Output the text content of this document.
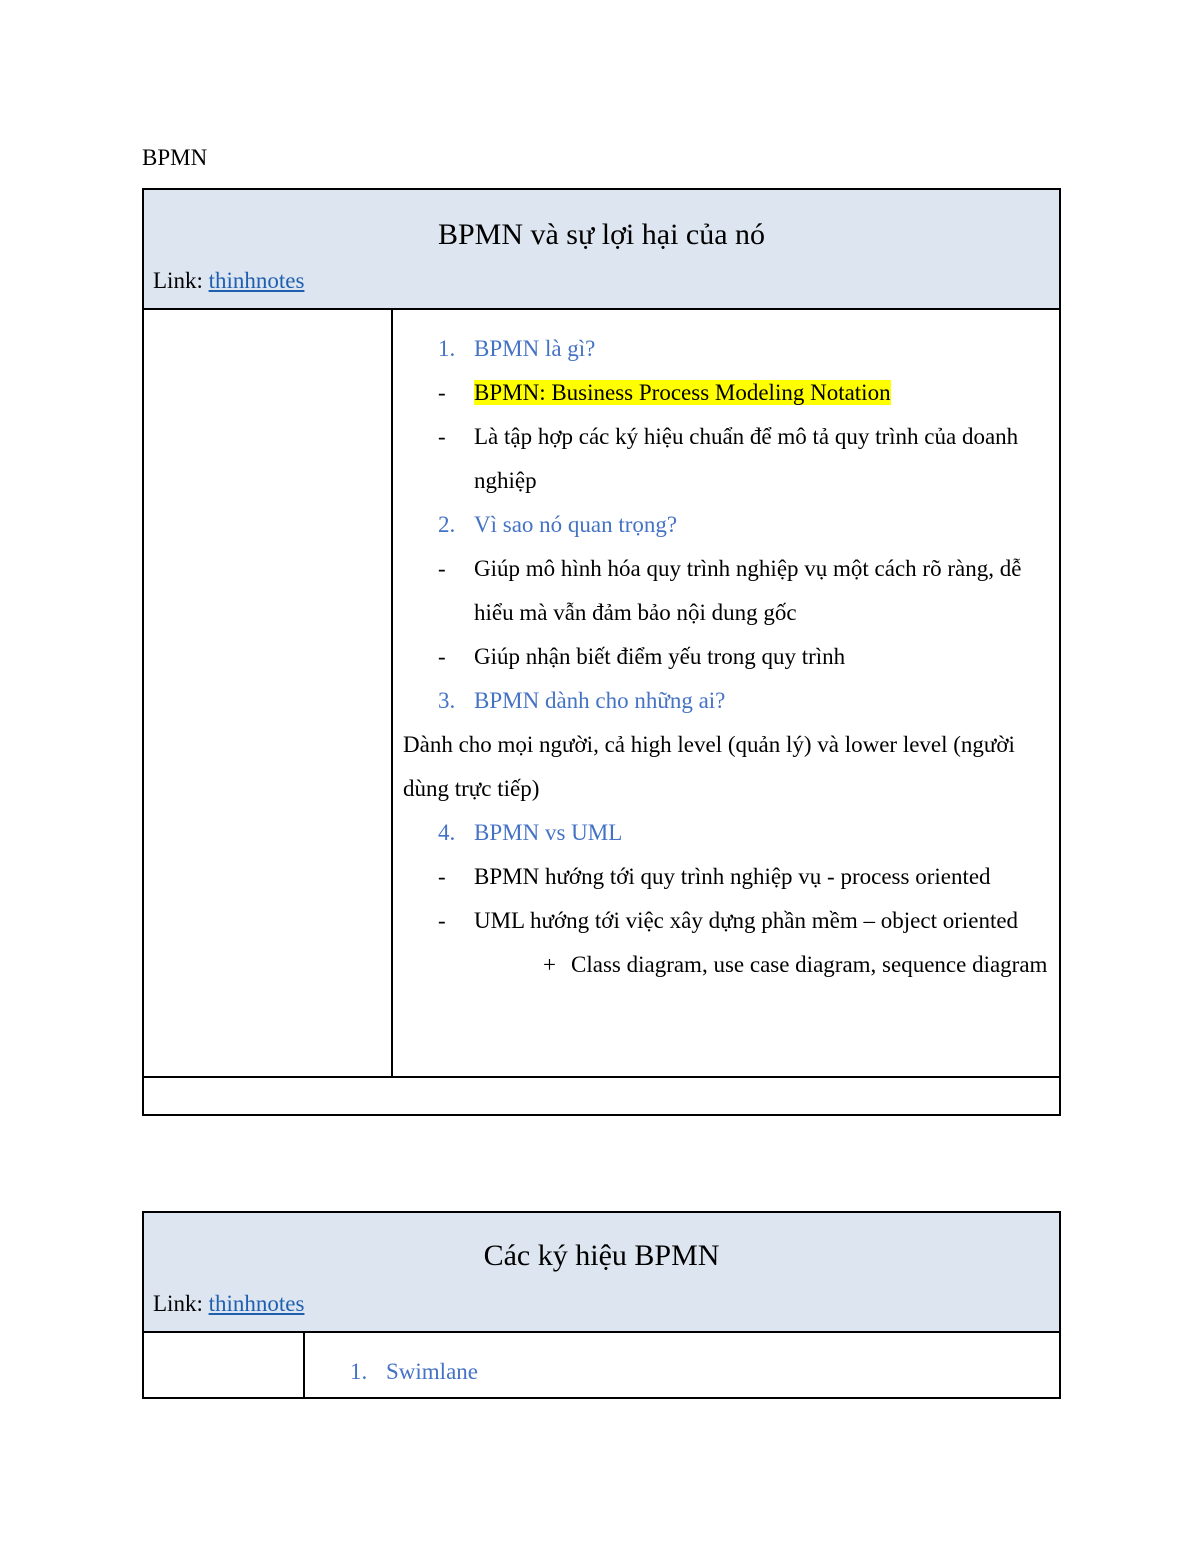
BPMN
BPMN và sự lợi hại của nó
Link: thinhnotes

1. BPMN là gì?
- BPMN: Business Process Modeling Notation
- Là tập hợp các ký hiệu chuẩn để mô tả quy trình của doanh nghiệp
2. Vì sao nó quan trọng?
- Giúp mô hình hóa quy trình nghiệp vụ một cách rõ ràng, dễ hiểu mà vẫn đảm bảo nội dung gốc
- Giúp nhận biết điểm yếu trong quy trình
3. BPMN dành cho những ai?
Dành cho mọi người, cả high level (quản lý) và lower level (người dùng trực tiếp)
4. BPMN vs UML
- BPMN hướng tới quy trình nghiệp vụ - process oriented
- UML hướng tới việc xây dựng phần mềm – object oriented
+ Class diagram, use case diagram, sequence diagram

Các ký hiệu BPMN
Link: thinhnotes

1. Swimlane
